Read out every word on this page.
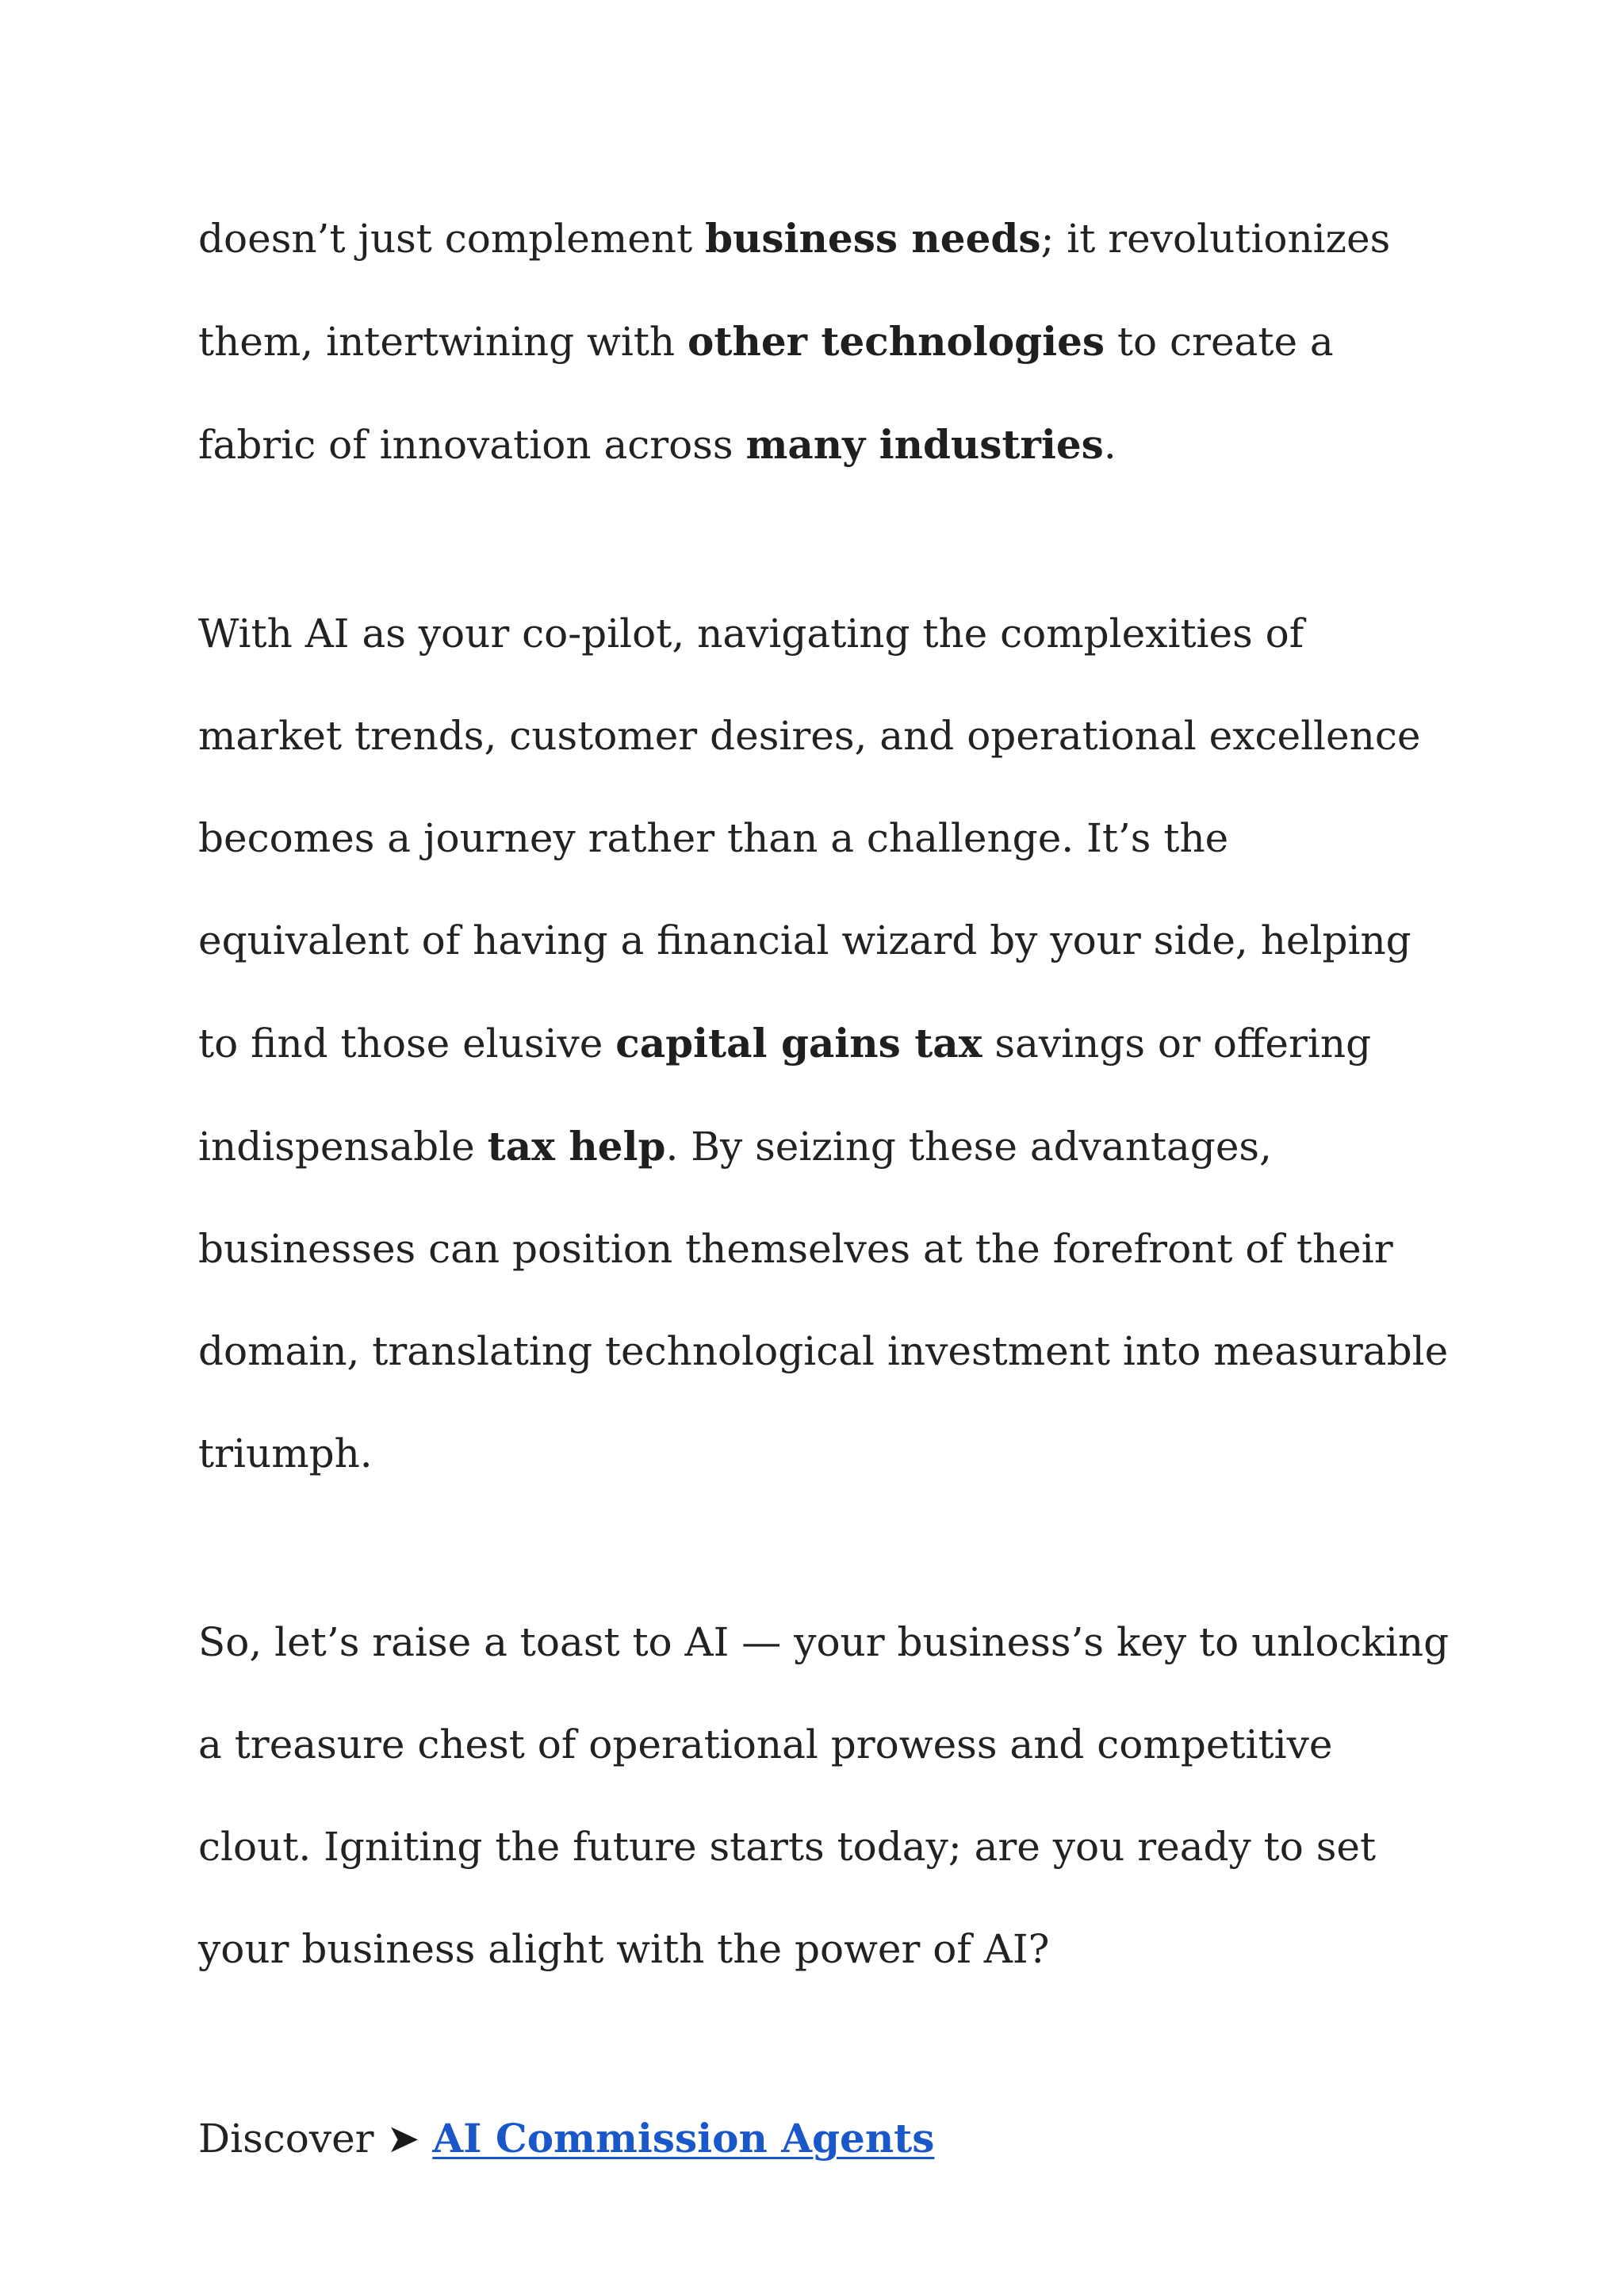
doesn’t just complement business needs; it revolutionizes them, intertwining with other technologies to create a fabric of innovation across many industries.

With AI as your co-pilot, navigating the complexities of market trends, customer desires, and operational excellence becomes a journey rather than a challenge. It’s the equivalent of having a financial wizard by your side, helping to find those elusive capital gains tax savings or offering indispensable tax help. By seizing these advantages, businesses can position themselves at the forefront of their domain, translating technological investment into measurable triumph.

So, let’s raise a toast to AI — your business’s key to unlocking a treasure chest of operational prowess and competitive clout. Igniting the future starts today; are you ready to set your business alight with the power of AI?

Discover ➤ AI Commission Agents
